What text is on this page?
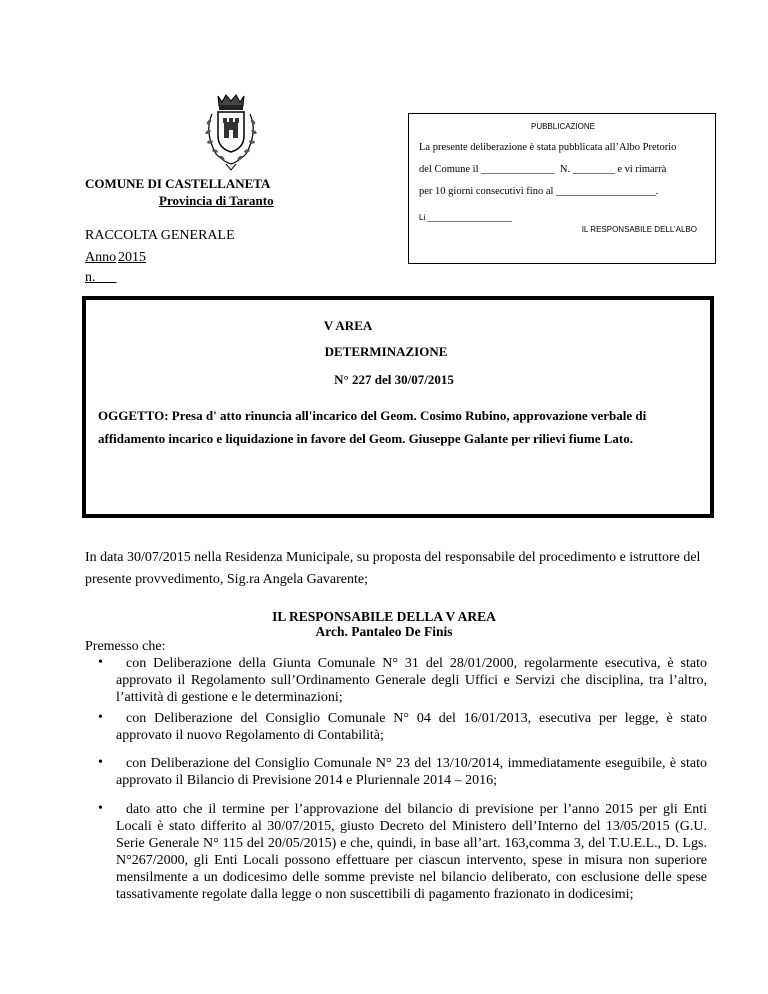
COMUNE DI CASTELLANETA
Provincia di Taranto
RACCOLTA GENERALE
Anno 2015
n.
PUBBLICAZIONE
La presente deliberazione è stata pubblicata all’Albo Pretorio
del Comune il ______________  N. ________ e vi rimarrà
per 10 giorni consecutivi fino al ___________________.
Li ___________________
IL RESPONSABILE DELL’ALBO
V AREA
DETERMINAZIONE
N° 227 del 30/07/2015
OGGETTO: Presa d' atto rinuncia all'incarico del Geom. Cosimo Rubino, approvazione verbale di affidamento incarico e liquidazione in favore del Geom. Giuseppe Galante per rilievi fiume Lato.
In data 30/07/2015 nella Residenza Municipale, su proposta del responsabile del procedimento e istruttore del presente provvedimento, Sig.ra Angela Gavarente;
IL RESPONSABILE DELLA V AREA
Arch. Pantaleo De Finis
Premesso che:
•	con Deliberazione della Giunta Comunale N° 31 del 28/01/2000, regolarmente esecutiva, è stato approvato il Regolamento sull’Ordinamento Generale degli Uffici e Servizi che disciplina, tra l’altro, l’attività di gestione e le determinazioni;
•	con Deliberazione del Consiglio Comunale N° 04 del 16/01/2013, esecutiva per legge, è stato approvato il nuovo Regolamento di Contabilità;
•	con Deliberazione del Consiglio Comunale N° 23 del 13/10/2014, immediatamente eseguibile, è stato approvato il Bilancio di Previsione 2014 e Pluriennale 2014 – 2016;
•	dato atto che il termine per l’approvazione del bilancio di previsione per l’anno 2015 per gli Enti Locali è stato differito al 30/07/2015, giusto Decreto del Ministero dell’Interno del 13/05/2015 (G.U. Serie Generale N° 115 del 20/05/2015) e che, quindi, in base all’art. 163,comma 3, del T.U.E.L., D. Lgs. N°267/2000, gli Enti Locali possono effettuare per ciascun intervento, spese in misura non superiore mensilmente a un dodicesimo delle somme previste nel bilancio deliberato, con esclusione delle spese tassativamente regolate dalla legge o non suscettibili di pagamento frazionato in dodicesimi;
